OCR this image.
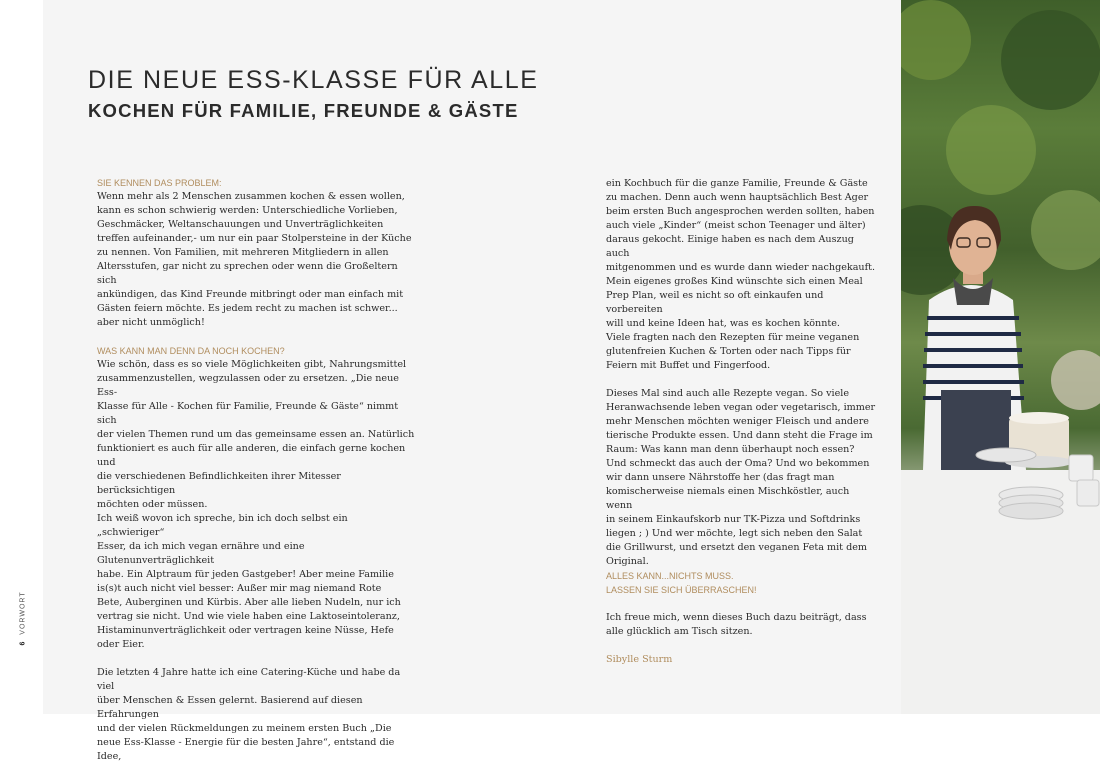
6  VORWORT
DIE NEUE ESS-KLASSE FÜR ALLE
KOCHEN FÜR FAMILIE, FREUNDE & GÄSTE
SIE KENNEN DAS PROBLEM:

Wenn mehr als 2 Menschen zusammen kochen & essen wollen,
kann es schon schwierig werden: Unterschiedliche Vorlieben,
Geschmäcker, Weltanschauungen und Unverträglichkeiten
treffen aufeinander,- um nur ein paar Stolpersteine in der Küche
zu nennen. Von Familien, mit mehreren Mitgliedern in allen
Altersstufen, gar nicht zu sprechen oder wenn die Großeltern sich
ankündigen, das Kind Freunde mitbringt oder man einfach mit
Gästen feiern möchte. Es jedem recht zu machen ist schwer...
aber nicht unmöglich!

WAS KANN MAN DENN DA NOCH KOCHEN?

Wie schön, dass es so viele Möglichkeiten gibt, Nahrungsmittel
zusammenzustellen, wegzulassen oder zu ersetzen. „Die neue Ess-
Klasse für Alle - Kochen für Familie, Freunde & Gäste“ nimmt sich
der vielen Themen rund um das gemeinsame essen an. Natürlich
funktioniert es auch für alle anderen, die einfach gerne kochen und
die verschiedenen Befindlichkeiten ihrer Mitesser berücksichtigen
möchten oder müssen.
Ich weiß wovon ich spreche, bin ich doch selbst ein „schwieriger“
Esser, da ich mich vegan ernähre und eine Glutenunverträglichkeit
habe. Ein Alptraum für jeden Gastgeber! Aber meine Familie
is(s)t auch nicht viel besser: Außer mir mag niemand Rote
Bete, Auberginen und Kürbis. Aber alle lieben Nudeln, nur ich
vertrag sie nicht. Und wie viele haben eine Laktoseintoleranz,
Histaminunverträglichkeit oder vertragen keine Nüsse, Hefe
oder Eier.

Die letzten 4 Jahre hatte ich eine Catering-Küche und habe da viel
über Menschen & Essen gelernt. Basierend auf diesen Erfahrungen
und der vielen Rückmeldungen zu meinem ersten Buch „Die
neue Ess-Klasse - Energie für die besten Jahre“, entstand die Idee,

ein Kochbuch für die ganze Familie, Freunde & Gäste
zu machen. Denn auch wenn hauptsächlich Best Ager
beim ersten Buch angesprochen werden sollten, haben
auch viele „Kinder“ (meist schon Teenager und älter)
daraus gekocht. Einige haben es nach dem Auszug auch
mitgenommen und es wurde dann wieder nachgekauft.
Mein eigenes großes Kind wünschte sich einen Meal
Prep Plan, weil es nicht so oft einkaufen und vorbereiten
will und keine Ideen hat, was es kochen könnte.
Viele fragten nach den Rezepten für meine veganen
glutenfreien Kuchen & Torten oder nach Tipps für
Feiern mit Buffet und Fingerfood.

Dieses Mal sind auch alle Rezepte vegan. So viele
Heranwachsende leben vegan oder vegetarisch, immer
mehr Menschen möchten weniger Fleisch und andere
tierische Produkte essen. Und dann steht die Frage im
Raum: Was kann man denn überhaupt noch essen?
Und schmeckt das auch der Oma? Und wo bekommen
wir dann unsere Nährstoffe her (das fragt man
komischerweise niemals einen Mischköstler, auch wenn
in seinem Einkaufskorb nur TK-Pizza und Softdrinks
liegen ; ) Und wer möchte, legt sich neben den Salat
die Grillwurst, und ersetzt den veganen Feta mit dem
Original.

ALLES KANN...NICHTS MUSS.
LASSEN SIE SICH ÜBERRASCHEN!

Ich freue mich, wenn dieses Buch dazu beiträgt, dass
alle glücklich am Tisch sitzen.

Sibylle Sturm
